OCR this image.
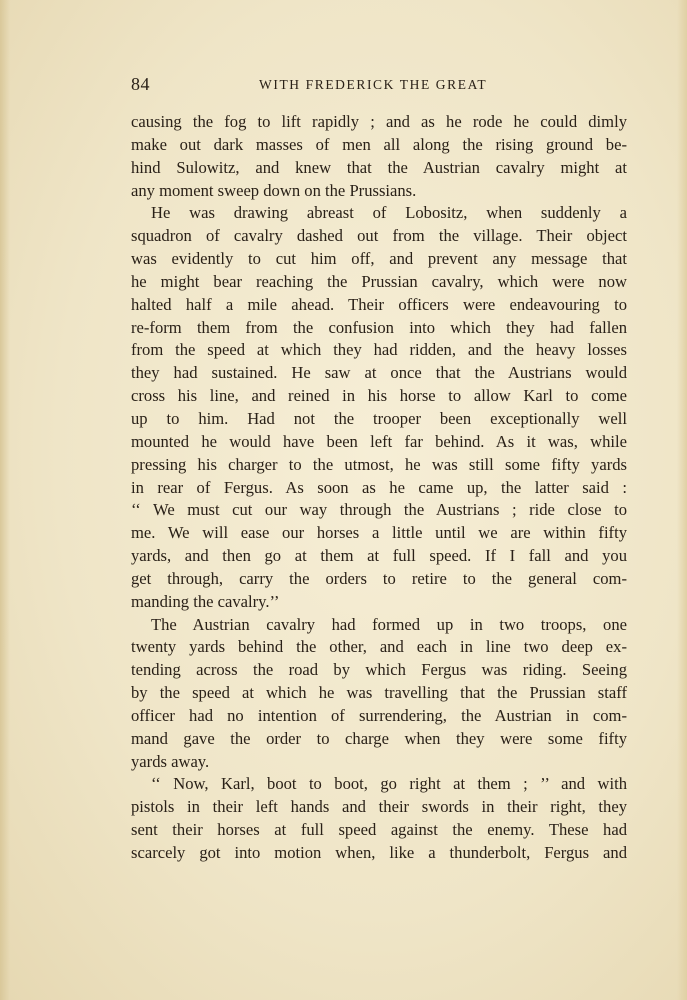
84	WITH FREDERICK THE GREAT
causing the fog to lift rapidly ; and as he rode he could dimly
make out dark masses of men all along the rising ground be-
hind Sulowitz, and knew that the Austrian cavalry might at
any moment sweep down on the Prussians.
He was drawing abreast of Lobositz, when suddenly a
squadron of cavalry dashed out from the village. Their object
was evidently to cut him off, and prevent any message that
he might bear reaching the Prussian cavalry, which were now
halted half a mile ahead. Their officers were endeavouring to
re-form them from the confusion into which they had fallen
from the speed at which they had ridden, and the heavy losses
they had sustained. He saw at once that the Austrians would
cross his line, and reined in his horse to allow Karl to come
up to him. Had not the trooper been exceptionally well
mounted he would have been left far behind. As it was, while
pressing his charger to the utmost, he was still some fifty yards
in rear of Fergus. As soon as he came up, the latter said :
‘‘ We must cut our way through the Austrians ; ride close to
me. We will ease our horses a little until we are within fifty
yards, and then go at them at full speed. If I fall and you
get through, carry the orders to retire to the general com-
manding the cavalry.’’
The Austrian cavalry had formed up in two troops, one
twenty yards behind the other, and each in line two deep ex-
tending across the road by which Fergus was riding. Seeing
by the speed at which he was travelling that the Prussian staff
officer had no intention of surrendering, the Austrian in com-
mand gave the order to charge when they were some fifty
yards away.
‘‘ Now, Karl, boot to boot, go right at them ; ’’ and with
pistols in their left hands and their swords in their right, they
sent their horses at full speed against the enemy. These had
scarcely got into motion when, like a thunderbolt, Fergus and
